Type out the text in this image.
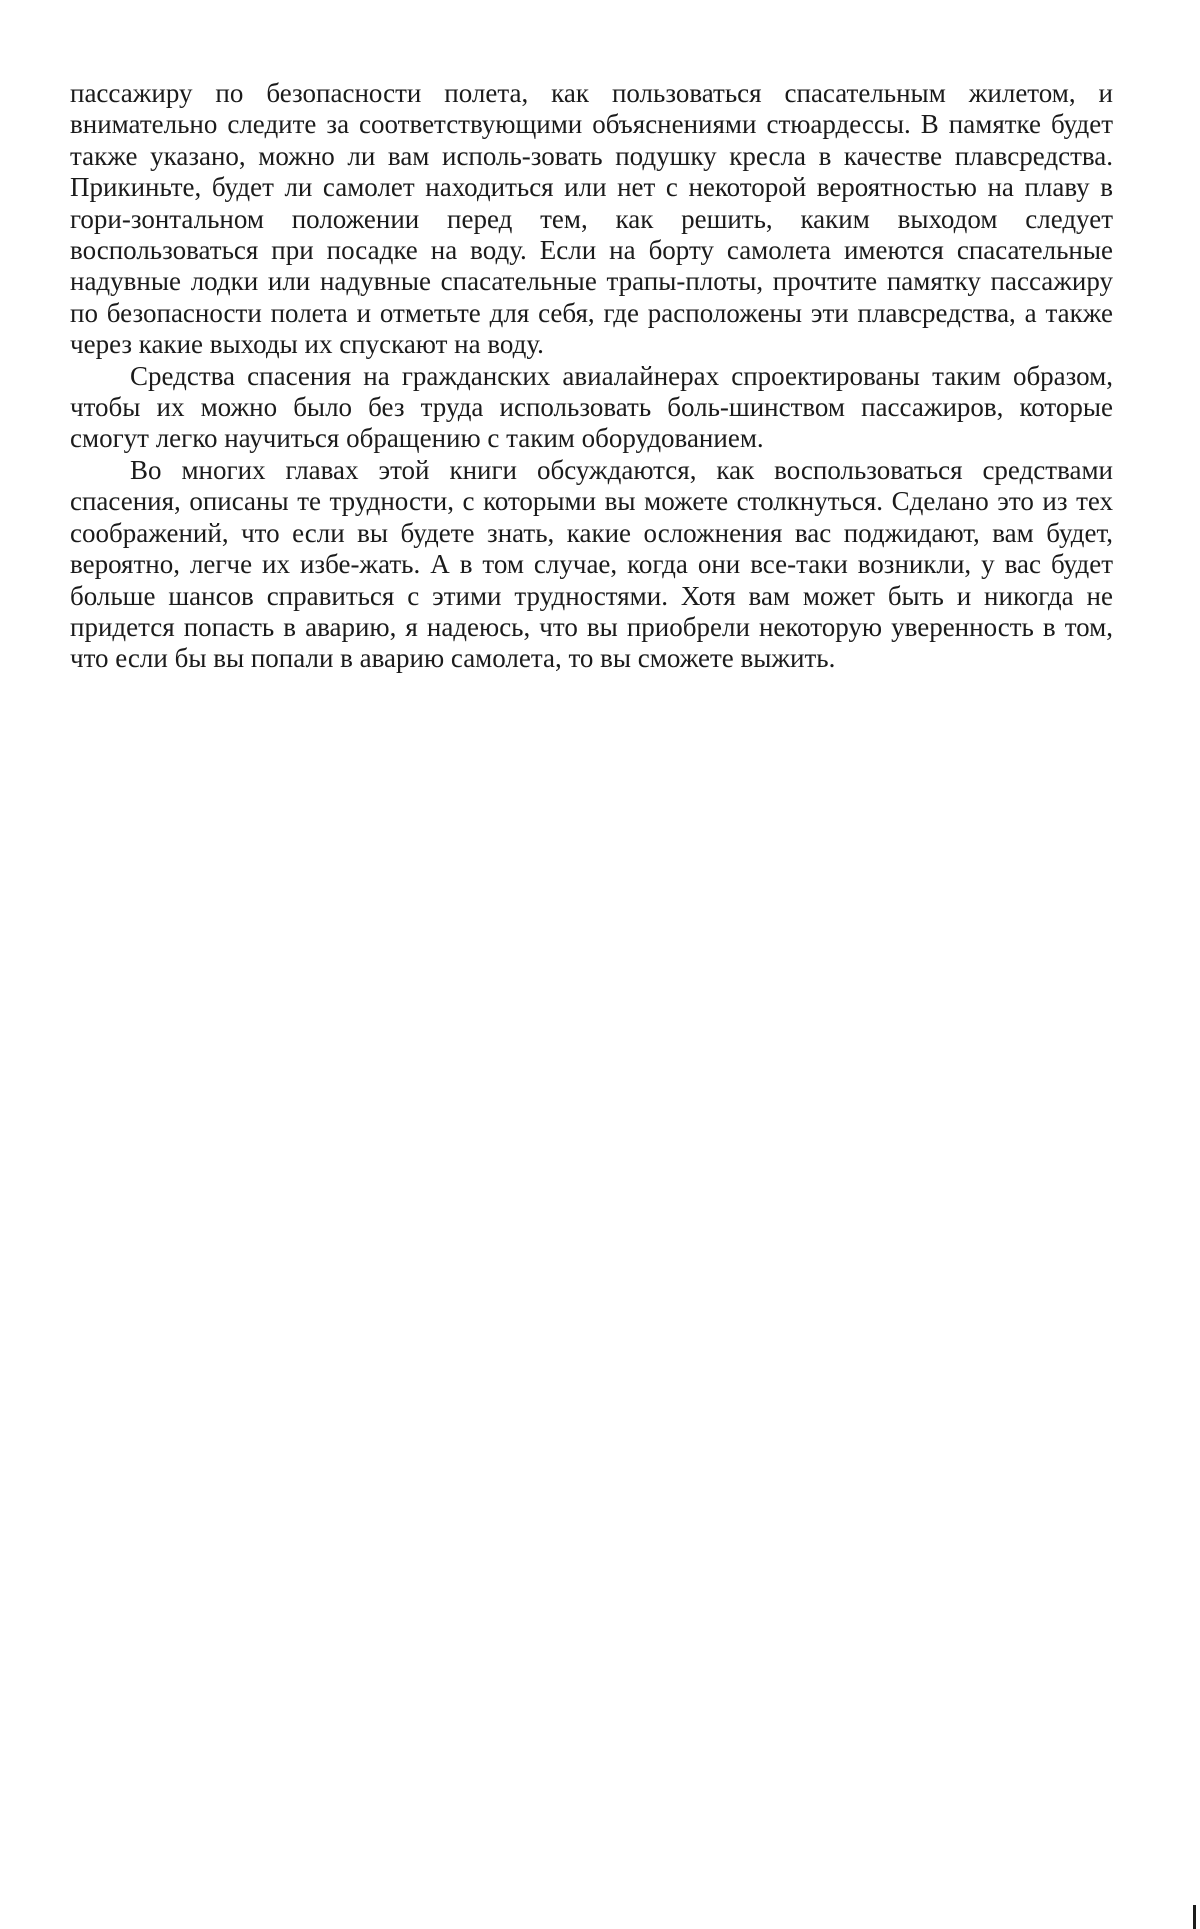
пассажиру по безопасности полета, как пользоваться спасательным жилетом, и внимательно следите за соответствующими объяснениями стюардессы. В памятке будет также указано, можно ли вам исполь-зовать подушку кресла в качестве плавсредства. Прикиньте, будет ли самолет находиться или нет с некоторой вероятностью на плаву в гори-зонтальном положении перед тем, как решить, каким выходом следует воспользоваться при посадке на воду. Если на борту самолета имеются спасательные надувные лодки или надувные спасательные трапы-плоты, прочтите памятку пассажиру по безопасности полета и отметьте для себя, где расположены эти плавсредства, а также через какие выходы их спускают на воду.

Средства спасения на гражданских авиалайнерах спроектированы таким образом, чтобы их можно было без труда использовать боль-шинством пассажиров, которые смогут легко научиться обращению с таким оборудованием.

Во многих главах этой книги обсуждаются, как воспользоваться средствами спасения, описаны те трудности, с которыми вы можете столкнуться. Сделано это из тех соображений, что если вы будете знать, какие осложнения вас поджидают, вам будет, вероятно, легче их избе-жать. А в том случае, когда они все-таки возникли, у вас будет больше шансов справиться с этими трудностями. Хотя вам может быть и никогда не придется попасть в аварию, я надеюсь, что вы приобрели некоторую уверенность в том, что если бы вы попали в аварию самолета, то вы сможете выжить.
